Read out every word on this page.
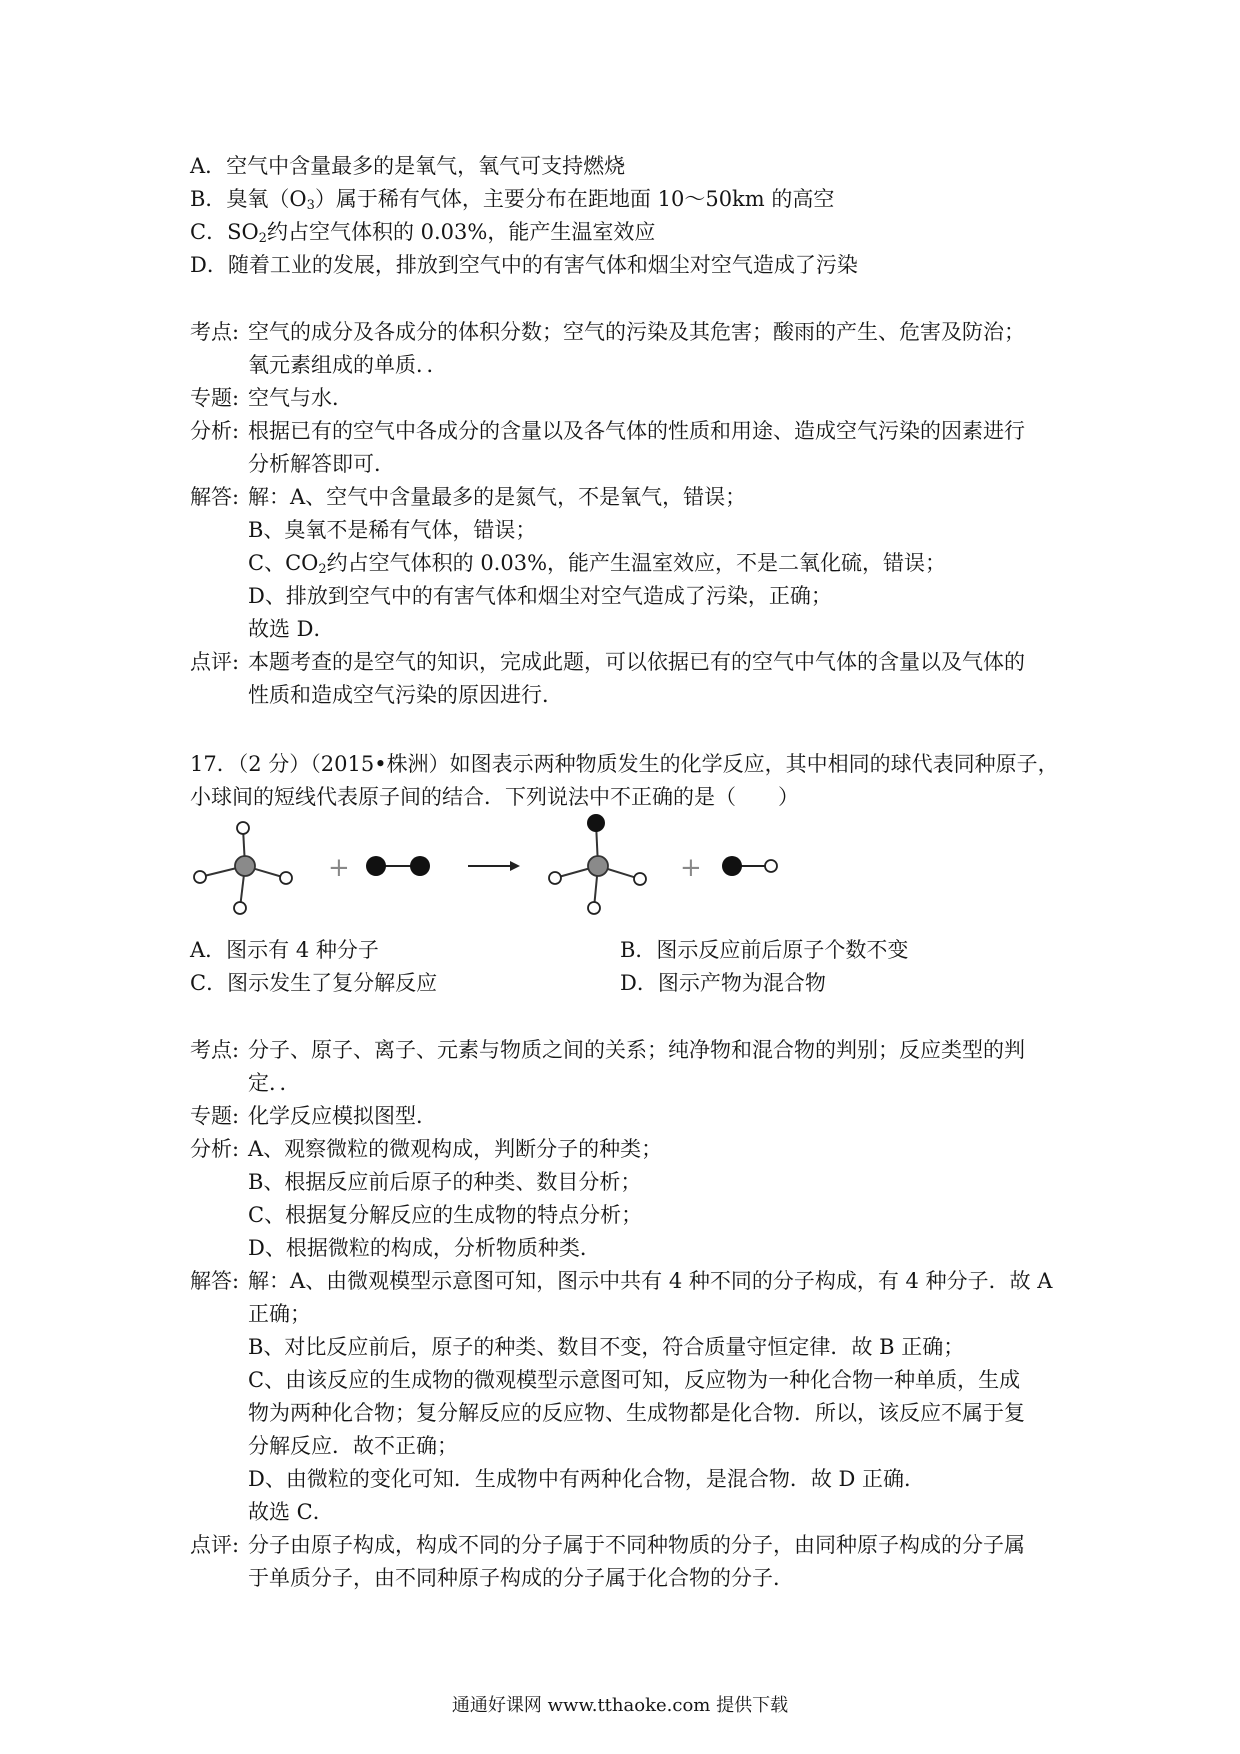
A．空气中含量最多的是氧气，氧气可支持燃烧
B．臭氧$(O_3)$属于稀有气体，主要分布在距地面 10～50km 的高空
C．$SO_2$约占空气体积的 0.03%，能产生温室效应
D．随着工业的发展，排放到空气中的有害气体和烟尘对空气造成了污染
考点: 空气的成分及各成分的体积分数；空气的污染及其危害；酸雨的产生、危害及防治；
氧元素组成的单质．．
专题: 空气与水．
分析: 根据已有的空气中各成分的含量以及各气体的性质和用途、造成空气污染的因素进行
分析解答即可．
解答: 解：A、空气中含量最多的是氮气，不是氧气，错误；
B、臭氧不是稀有气体，错误；
C、$CO_2$约占空气体积的 0.03%，能产生温室效应，不是二氧化硫，错误；
D、排放到空气中的有害气体和烟尘对空气造成了污染，正确；
故选 D．
点评: 本题考查的是空气的知识，完成此题，可以依据已有的空气中气体的含量以及气体的
性质和造成空气污染的原因进行．
17．（2 分）（2015•株洲）如图表示两种物质发生的化学反应，其中相同的球代表同种原子，
小球间的短线代表原子间的结合．下列说法中不正确的是（　　）
+	+
A．图示有 4 种分子	B．图示反应前后原子个数不变
C．图示发生了复分解反应	D．图示产物为混合物
考点: 分子、原子、离子、元素与物质之间的关系；纯净物和混合物的判别；反应类型的判
定．．
专题: 化学反应模拟图型．
分析: A、观察微粒的微观构成，判断分子的种类；
B、根据反应前后原子的种类、数目分析；
C、根据复分解反应的生成物的特点分析；
D、根据微粒的构成，分析物质种类．
解答: 解：A、由微观模型示意图可知，图示中共有 4 种不同的分子构成，有 4 种分子．故 A
正确；
B、对比反应前后，原子的种类、数目不变，符合质量守恒定律．故 B 正确；
C、由该反应的生成物的微观模型示意图可知，反应物为一种化合物一种单质，生成
物为两种化合物；复分解反应的反应物、生成物都是化合物．所以，该反应不属于复
分解反应．故不正确；
D、由微粒的变化可知．生成物中有两种化合物，是混合物．故 D 正确．
故选 C．
点评: 分子由原子构成，构成不同的分子属于不同种物质的分子，由同种原子构成的分子属
于单质分子，由不同种原子构成的分子属于化合物的分子．
通通好课网 www.tthaoke.com 提供下载
